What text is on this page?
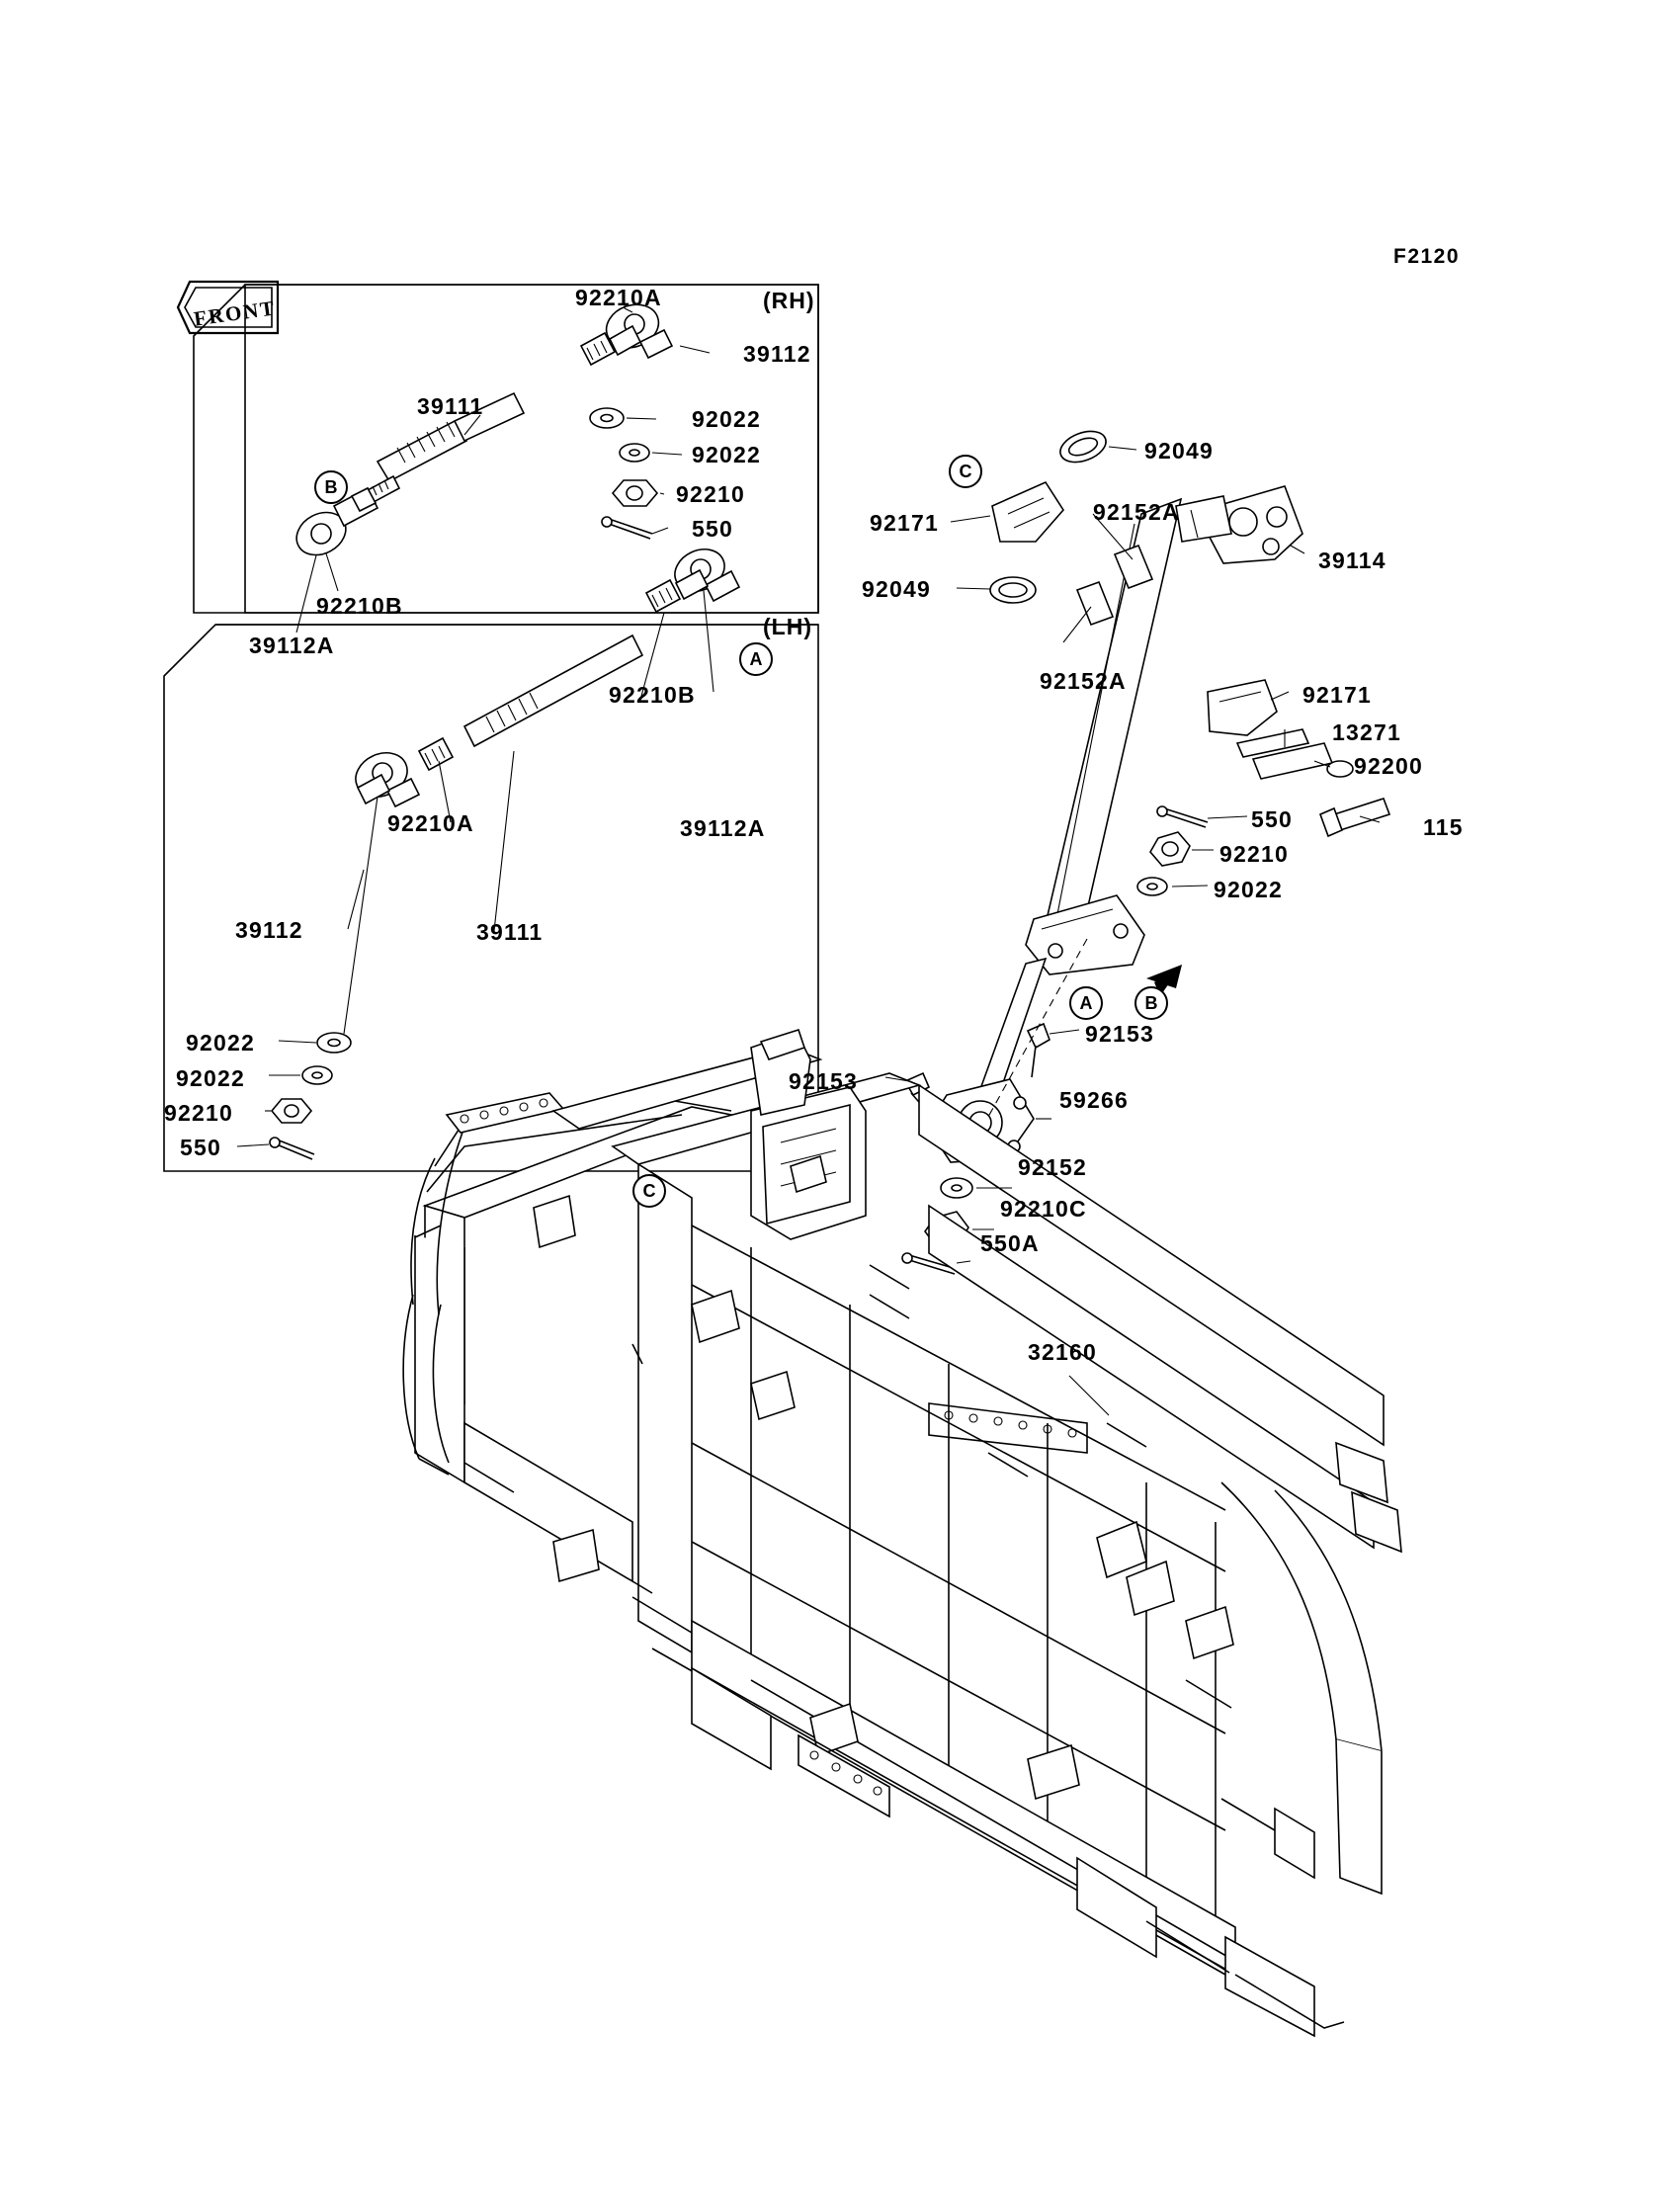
F2120
FRONT	(RH)
(LH)
B
A
C
A	B
C
92210A
39112
92022
92022
92210
550
39111
92210B
39112A
92210B
39112A
92210A
39112	39111
92022
92022
92210
550
92049
92171	92152A
92049
39114
92152A
92171
13271
92200
550	115
92210
92022
92153
92153
59266
92152
92210C
550A
32160
